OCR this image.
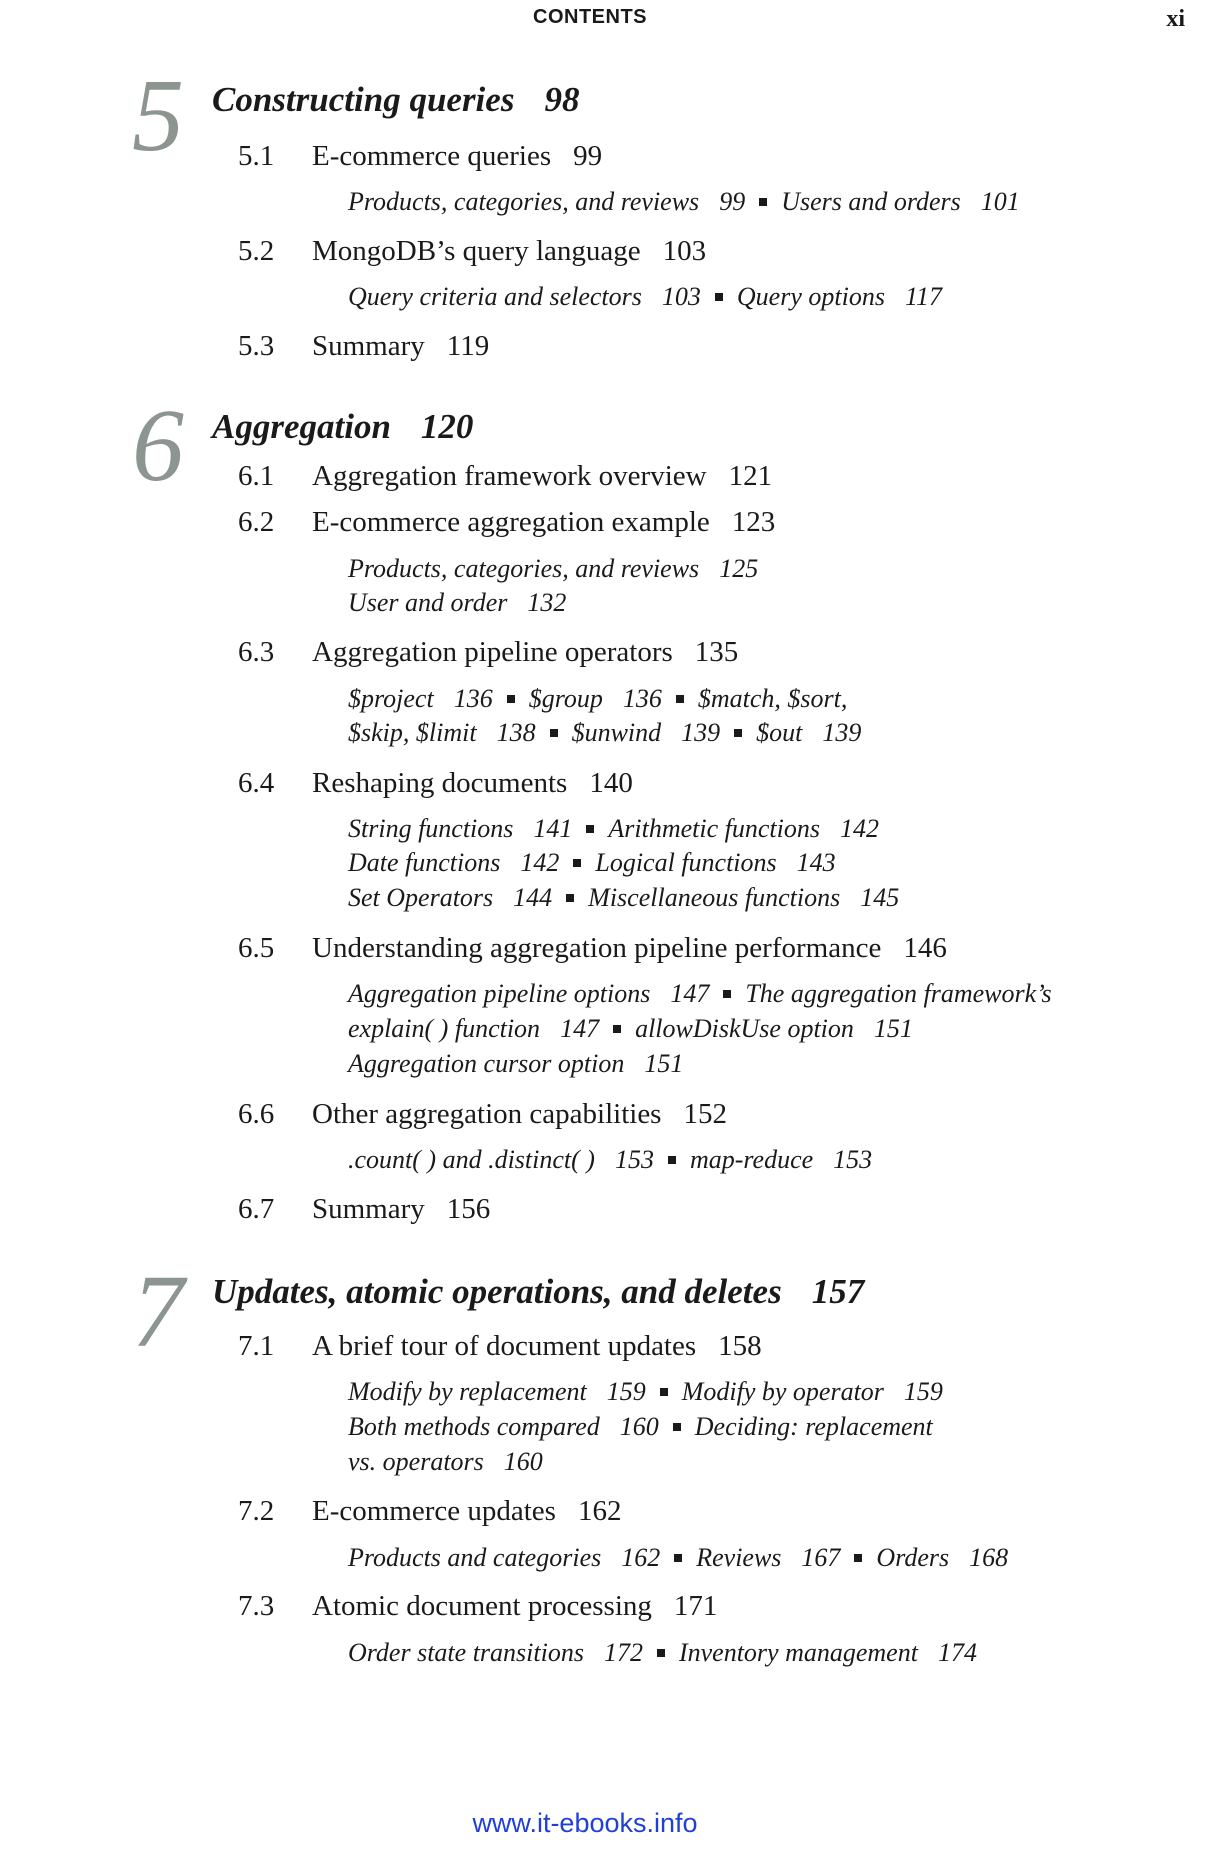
CONTENTS	xi
5 Constructing queries 98
5.1 E-commerce queries 99
Products, categories, and reviews 99 Users and orders 101
5.2 MongoDB’s query language 103
Query criteria and selectors 103 Query options 117
5.3 Summary 119
6 Aggregation 120
6.1 Aggregation framework overview 121
6.2 E-commerce aggregation example 123
Products, categories, and reviews 125
User and order 132
6.3 Aggregation pipeline operators 135
$project 136 $group 136 $match, $sort,
$skip, $limit 138 $unwind 139 $out 139
6.4 Reshaping documents 140
String functions 141 Arithmetic functions 142
Date functions 142 Logical functions 143
Set Operators 144 Miscellaneous functions 145
6.5 Understanding aggregation pipeline performance 146
Aggregation pipeline options 147 The aggregation framework’s
explain( ) function 147 allowDiskUse option 151
Aggregation cursor option 151
6.6 Other aggregation capabilities 152
.count( ) and .distinct( ) 153 map-reduce 153
6.7 Summary 156
7 Updates, atomic operations, and deletes 157
7.1 A brief tour of document updates 158
Modify by replacement 159 Modify by operator 159
Both methods compared 160 Deciding: replacement
vs. operators 160
7.2 E-commerce updates 162
Products and categories 162 Reviews 167 Orders 168
7.3 Atomic document processing 171
Order state transitions 172 Inventory management 174
www.it-ebooks.info
